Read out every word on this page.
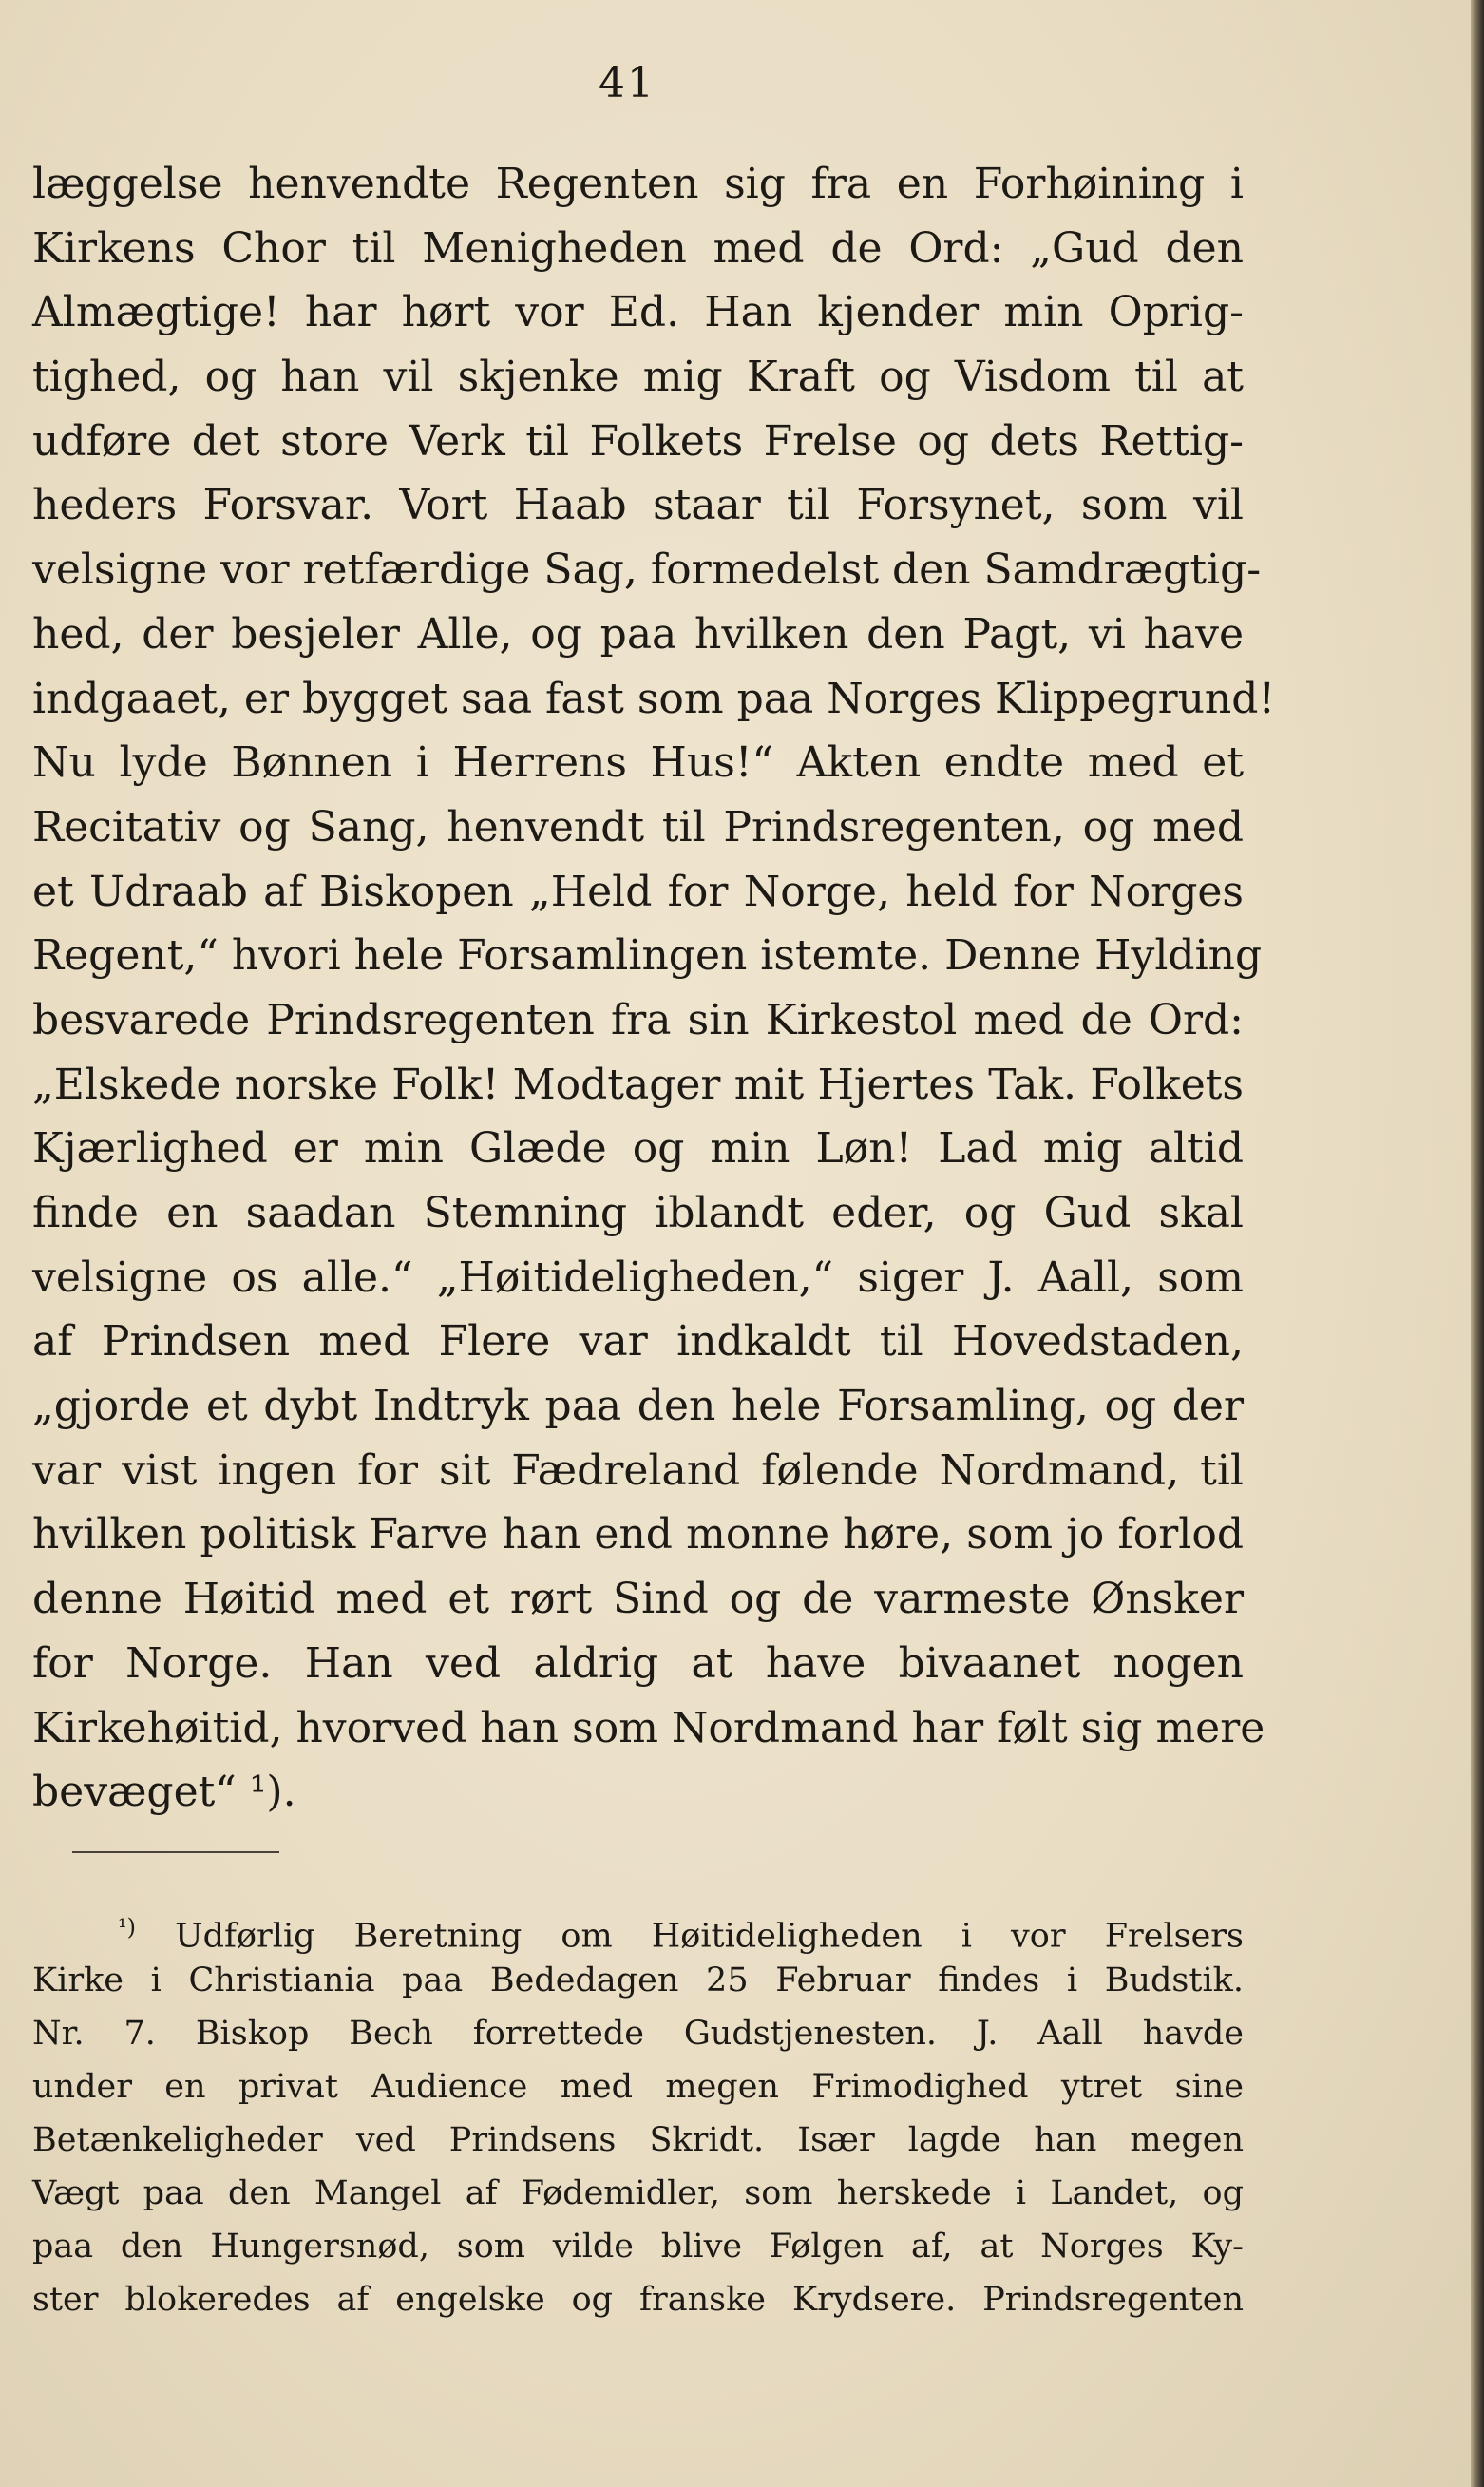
41
læggelse henvendte Regenten sig fra en Forhøining i
Kirkens Chor til Menigheden med de Ord: „Gud den
Almægtige! har hørt vor Ed. Han kjender min Oprig-
tighed, og han vil skjenke mig Kraft og Visdom til at
udføre det store Verk til Folkets Frelse og dets Rettig-
heders Forsvar. Vort Haab staar til Forsynet, som vil
velsigne vor retfærdige Sag, formedelst den Samdrægtig-
hed, der besjeler Alle, og paa hvilken den Pagt, vi have
indgaaet, er bygget saa fast som paa Norges Klippegrund!
Nu lyde Bønnen i Herrens Hus!“ Akten endte med et
Recitativ og Sang, henvendt til Prindsregenten, og med
et Udraab af Biskopen „Held for Norge, held for Norges
Regent,“ hvori hele Forsamlingen istemte. Denne Hylding
besvarede Prindsregenten fra sin Kirkestol med de Ord:
„Elskede norske Folk! Modtager mit Hjertes Tak. Folkets
Kjærlighed er min Glæde og min Løn! Lad mig altid
finde en saadan Stemning iblandt eder, og Gud skal
velsigne os alle.“ „Høitideligheden,“ siger J. Aall, som
af Prindsen med Flere var indkaldt til Hovedstaden,
„gjorde et dybt Indtryk paa den hele Forsamling, og der
var vist ingen for sit Fædreland følende Nordmand, til
hvilken politisk Farve han end monne høre, som jo forlod
denne Høitid med et rørt Sind og de varmeste Ønsker
for Norge. Han ved aldrig at have bivaanet nogen
Kirkehøitid, hvorved han som Nordmand har følt sig mere
bevæget“ ¹).
$^{^1)}$ Udførlig Beretning om Høitideligheden i vor Frelsers
Kirke i Christiania paa Bededagen 25 Februar findes i Budstik.
Nr. 7. Biskop Bech forrettede Gudstjenesten. J. Aall havde
under en privat Audience med megen Frimodighed ytret sine
Betænkeligheder ved Prindsens Skridt. Især lagde han megen
Vægt paa den Mangel af Fødemidler, som herskede i Landet, og
paa den Hungersnød, som vilde blive Følgen af, at Norges Ky-
ster blokeredes af engelske og franske Krydsere. Prindsregenten
